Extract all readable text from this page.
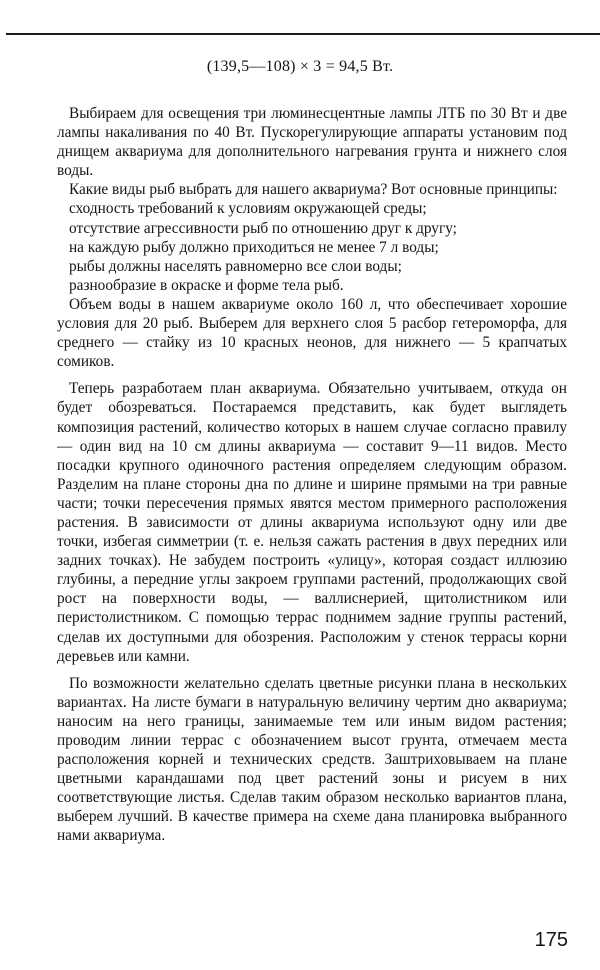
(139,5—108) × 3 = 94,5 Вт.

Выбираем для освещения три люминесцентные лампы ЛТБ по 30 Вт и две лампы накаливания по 40 Вт. Пускорегулирующие аппараты установим под днищем аквариума для дополнительного нагревания грунта и нижнего слоя воды.

Какие виды рыб выбрать для нашего аквариума? Вот основные принципы:

сходность требований к условиям окружающей среды;
отсутствие агрессивности рыб по отношению друг к другу;
на каждую рыбу должно приходиться не менее 7 л воды;
рыбы должны населять равномерно все слои воды;
разнообразие в окраске и форме тела рыб.

Объем воды в нашем аквариуме около 160 л, что обеспечивает хорошие условия для 20 рыб. Выберем для верхнего слоя 5 расбор гетероморфа, для среднего — стайку из 10 красных неонов, для нижнего — 5 крапчатых сомиков.

Теперь разработаем план аквариума. Обязательно учитываем, откуда он будет обозреваться. Постараемся представить, как будет выглядеть композиция растений, количество которых в нашем случае согласно правилу — один вид на 10 см длины аквариума — составит 9—11 видов. Место посадки крупного одиночного растения определяем следующим образом. Разделим на плане стороны дна по длине и ширине прямыми на три равные части; точки пересечения прямых явятся местом примерного расположения растения. В зависимости от длины аквариума используют одну или две точки, избегая симметрии (т. е. нельзя сажать растения в двух передних или задних точках). Не забудем построить «улицу», которая создаст иллюзию глубины, а передние углы закроем группами растений, продолжающих свой рост на поверхности воды, — валлиснерией, щитолистником или перистолистником. С помощью террас поднимем задние группы растений, сделав их доступными для обозрения. Расположим у стенок террасы корни деревьев или камни.

По возможности желательно сделать цветные рисунки плана в нескольких вариантах. На листе бумаги в натуральную величину чертим дно аквариума; наносим на него границы, занимаемые тем или иным видом растения; проводим линии террас с обозначением высот грунта, отмечаем места расположения корней и технических средств. Заштриховываем на плане цветными карандашами под цвет растений зоны и рисуем в них соответствующие листья. Сделав таким образом несколько вариантов плана, выберем лучший. В качестве примера на схеме дана планировка выбранного нами аквариума.

175
